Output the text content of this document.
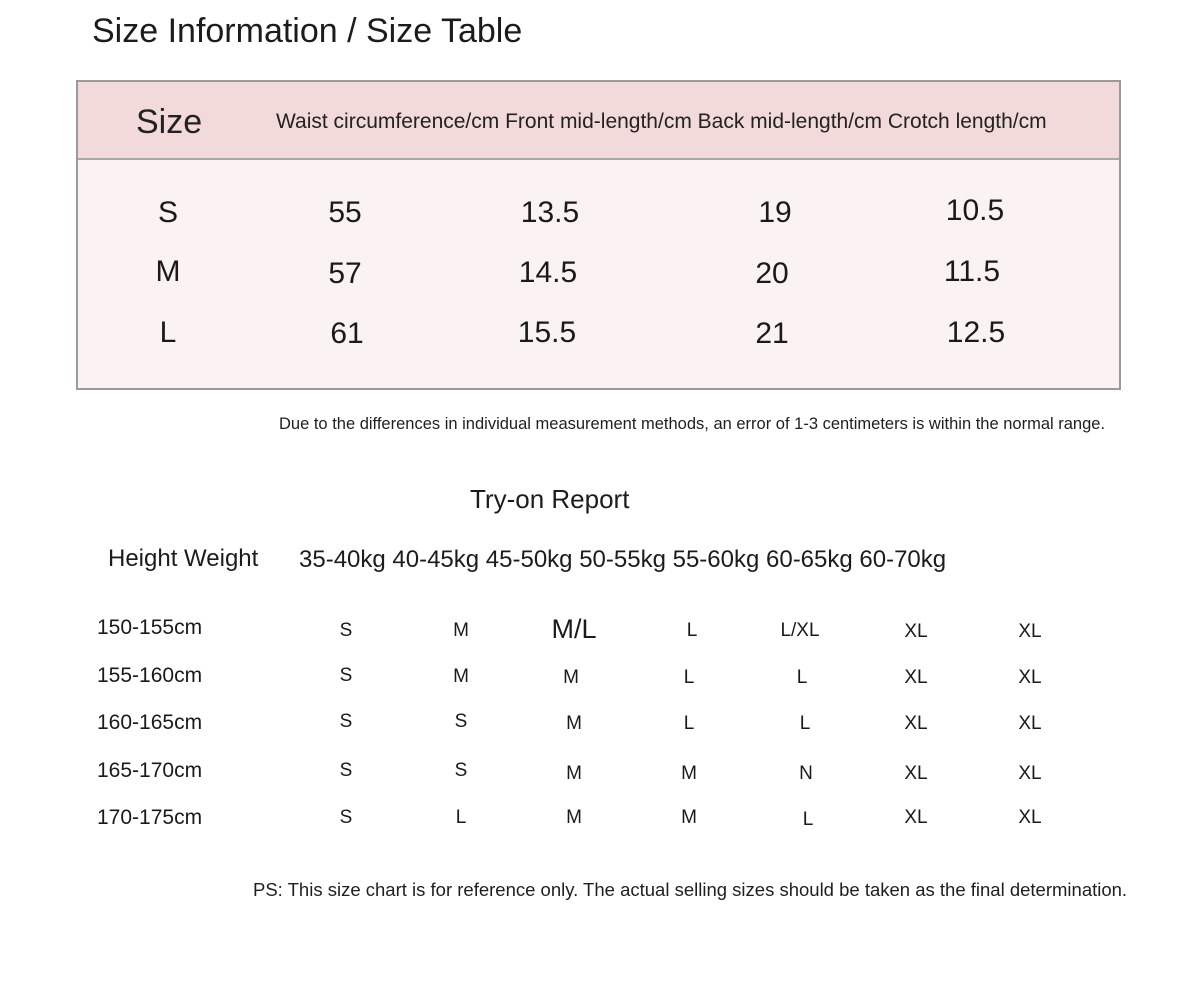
Size Information / Size Table
Size	Waist circumference/cm Front mid-length/cm Back mid-length/cm Crotch length/cm
S	55	13.5	19	10.5
M	57	14.5	20	11.5
L	61	15.5	21	12.5
Due to the differences in individual measurement methods, an error of 1-3 centimeters is within the normal range.
Try-on Report
Height Weight 35-40kg 40-45kg 45-50kg 50-55kg 55-60kg 60-65kg 60-70kg
150-155cm	S	M	M/L	L	L/XL	XL	XL
155-160cm	S	M	M	L	L	XL	XL
160-165cm	S	S	M	L	L	XL	XL
165-170cm	S	S	M	M	N	XL	XL
170-175cm	S	L	M	M	L	XL	XL
PS: This size chart is for reference only. The actual selling sizes should be taken as the final determination.
